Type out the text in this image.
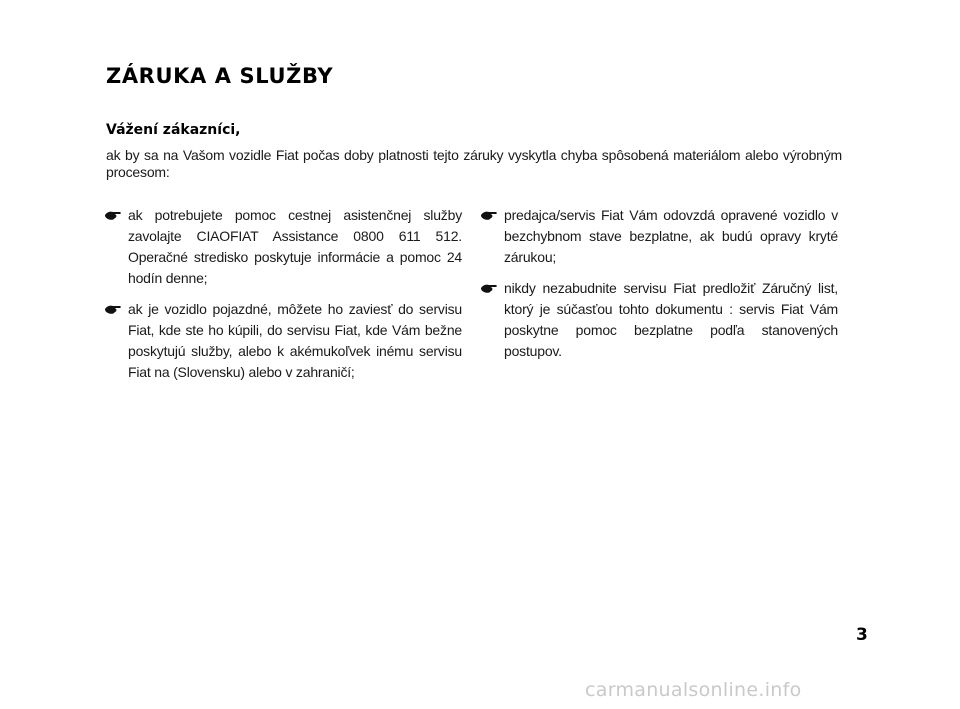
ZÁRUKA A SLUŽBY
Vážení zákazníci,
ak by sa na Vašom vozidle Fiat počas doby platnosti tejto záruky vyskytla chyba spôsobená materiálom alebo výrobným procesom:
ak potrebujete pomoc cestnej asistenčnej služby zavolajte CIAOFIAT Assistance 0800 611 512. Operačné stredisko poskytuje informácie a pomoc 24 hodín denne;
ak je vozidlo pojazdné, môžete ho zaviesť do servisu Fiat, kde ste ho kúpili, do servisu Fiat, kde Vám bežne poskytujú služby, alebo k akémukoľvek inému servisu Fiat na (Slovensku) alebo v zahraničí;
predajca/servis Fiat Vám odovzdá opravené vozidlo v bezchybnom stave bezplatne, ak budú opravy kryté zárukou;
nikdy nezabudnite servisu Fiat predložiť Záručný list, ktorý je súčasťou tohto dokumentu : servis Fiat Vám poskytne pomoc bezplatne podľa stanovených postupov.
3
carmanualsonline.info
